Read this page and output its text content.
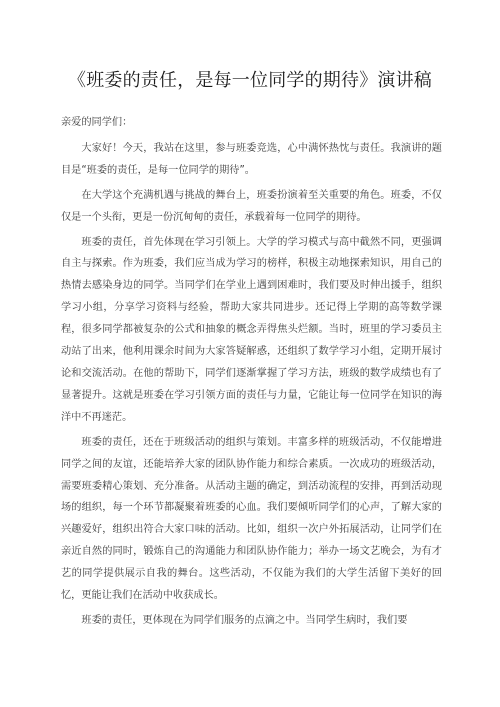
《班委的责任，是每一位同学的期待》演讲稿

亲爱的同学们：

大家好！今天，我站在这里，参与班委竞选，心中满怀热忱与责任。我演讲的题目是“班委的责任，是每一位同学的期待”。

在大学这个充满机遇与挑战的舞台上，班委扮演着至关重要的角色。班委，不仅仅是一个头衔，更是一份沉甸甸的责任，承载着每一位同学的期待。

班委的责任，首先体现在学习引领上。大学的学习模式与高中截然不同，更强调自主与探索。作为班委，我们应当成为学习的榜样，积极主动地探索知识，用自己的热情去感染身边的同学。当同学们在学业上遇到困难时，我们要及时伸出援手，组织学习小组，分享学习资料与经验，帮助大家共同进步。还记得上学期的高等数学课程，很多同学都被复杂的公式和抽象的概念弄得焦头烂额。当时，班里的学习委员主动站了出来，他利用课余时间为大家答疑解惑，还组织了数学学习小组，定期开展讨论和交流活动。在他的帮助下，同学们逐渐掌握了学习方法，班级的数学成绩也有了显著提升。这就是班委在学习引领方面的责任与力量，它能让每一位同学在知识的海洋中不再迷茫。

班委的责任，还在于班级活动的组织与策划。丰富多样的班级活动，不仅能增进同学之间的友谊，还能培养大家的团队协作能力和综合素质。一次成功的班级活动，需要班委精心策划、充分准备。从活动主题的确定，到活动流程的安排，再到活动现场的组织，每一个环节都凝聚着班委的心血。我们要倾听同学们的心声，了解大家的兴趣爱好，组织出符合大家口味的活动。比如，组织一次户外拓展活动，让同学们在亲近自然的同时，锻炼自己的沟通能力和团队协作能力；举办一场文艺晚会，为有才艺的同学提供展示自我的舞台。这些活动，不仅能为我们的大学生活留下美好的回忆，更能让我们在活动中收获成长。

班委的责任，更体现在为同学们服务的点滴之中。当同学生病时，我们要
